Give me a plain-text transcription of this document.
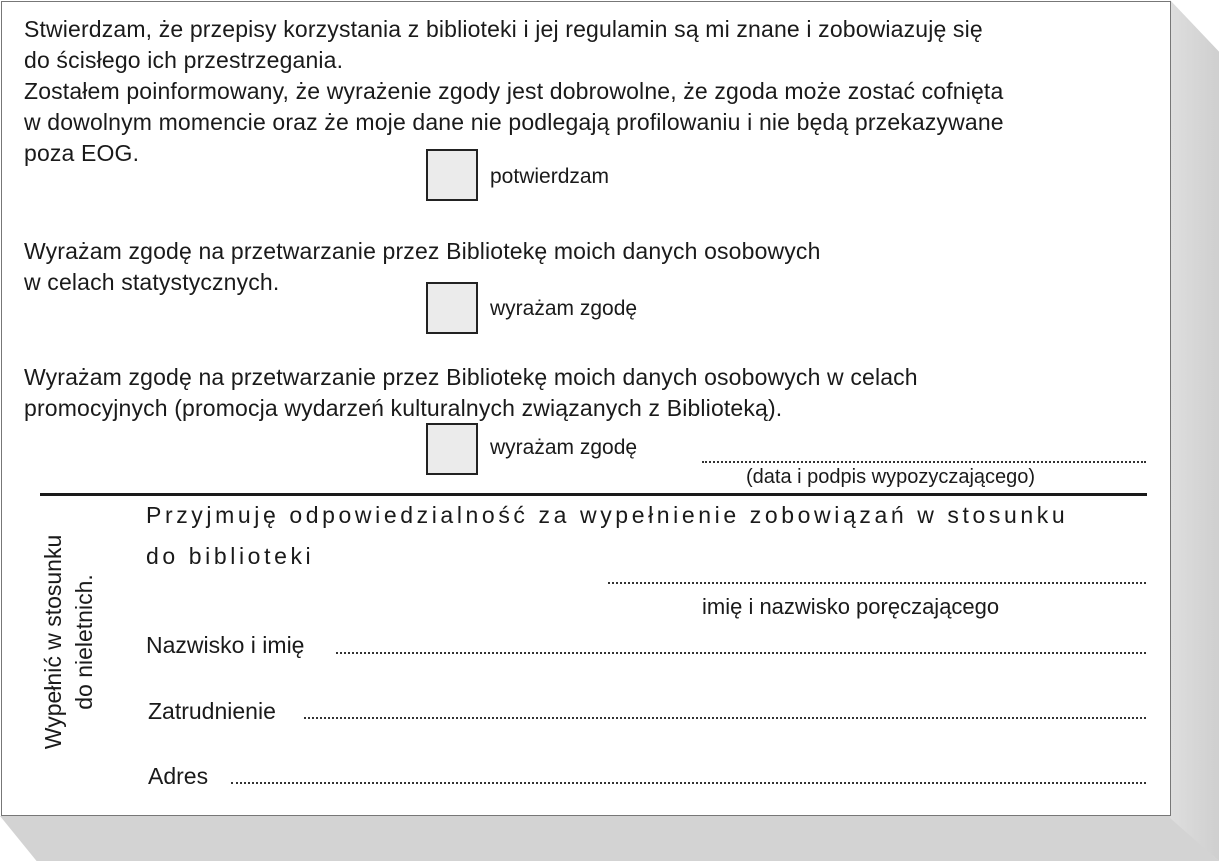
Stwierdzam, że przepisy korzystania z biblioteki i jej regulamin są mi znane i zobowiazuję się
do ścisłego ich przestrzegania.
Zostałem poinformowany, że wyrażenie zgody jest dobrowolne, że zgoda może zostać cofnięta
w dowolnym momencie oraz że moje dane nie podlegają profilowaniu i nie będą przekazywane
poza EOG.

potwierdzam

Wyrażam zgodę na przetwarzanie przez Bibliotekę moich danych osobowych
w celach statystycznych.

wyrażam zgodę

Wyrażam zgodę na przetwarzanie przez Bibliotekę moich danych osobowych w celach
promocyjnych (promocja wydarzeń kulturalnych związanych z Biblioteką).

wyrażam zgodę
(data i podpis wypozyczającego)
Wypełnić w stosunku
do nieletnich.
Przyjmuję odpowiedzialność za wypełnienie zobowiązań w stosunku
do biblioteki
imię i nazwisko poręczającego
Nazwisko i imię
Zatrudnienie
Adres
